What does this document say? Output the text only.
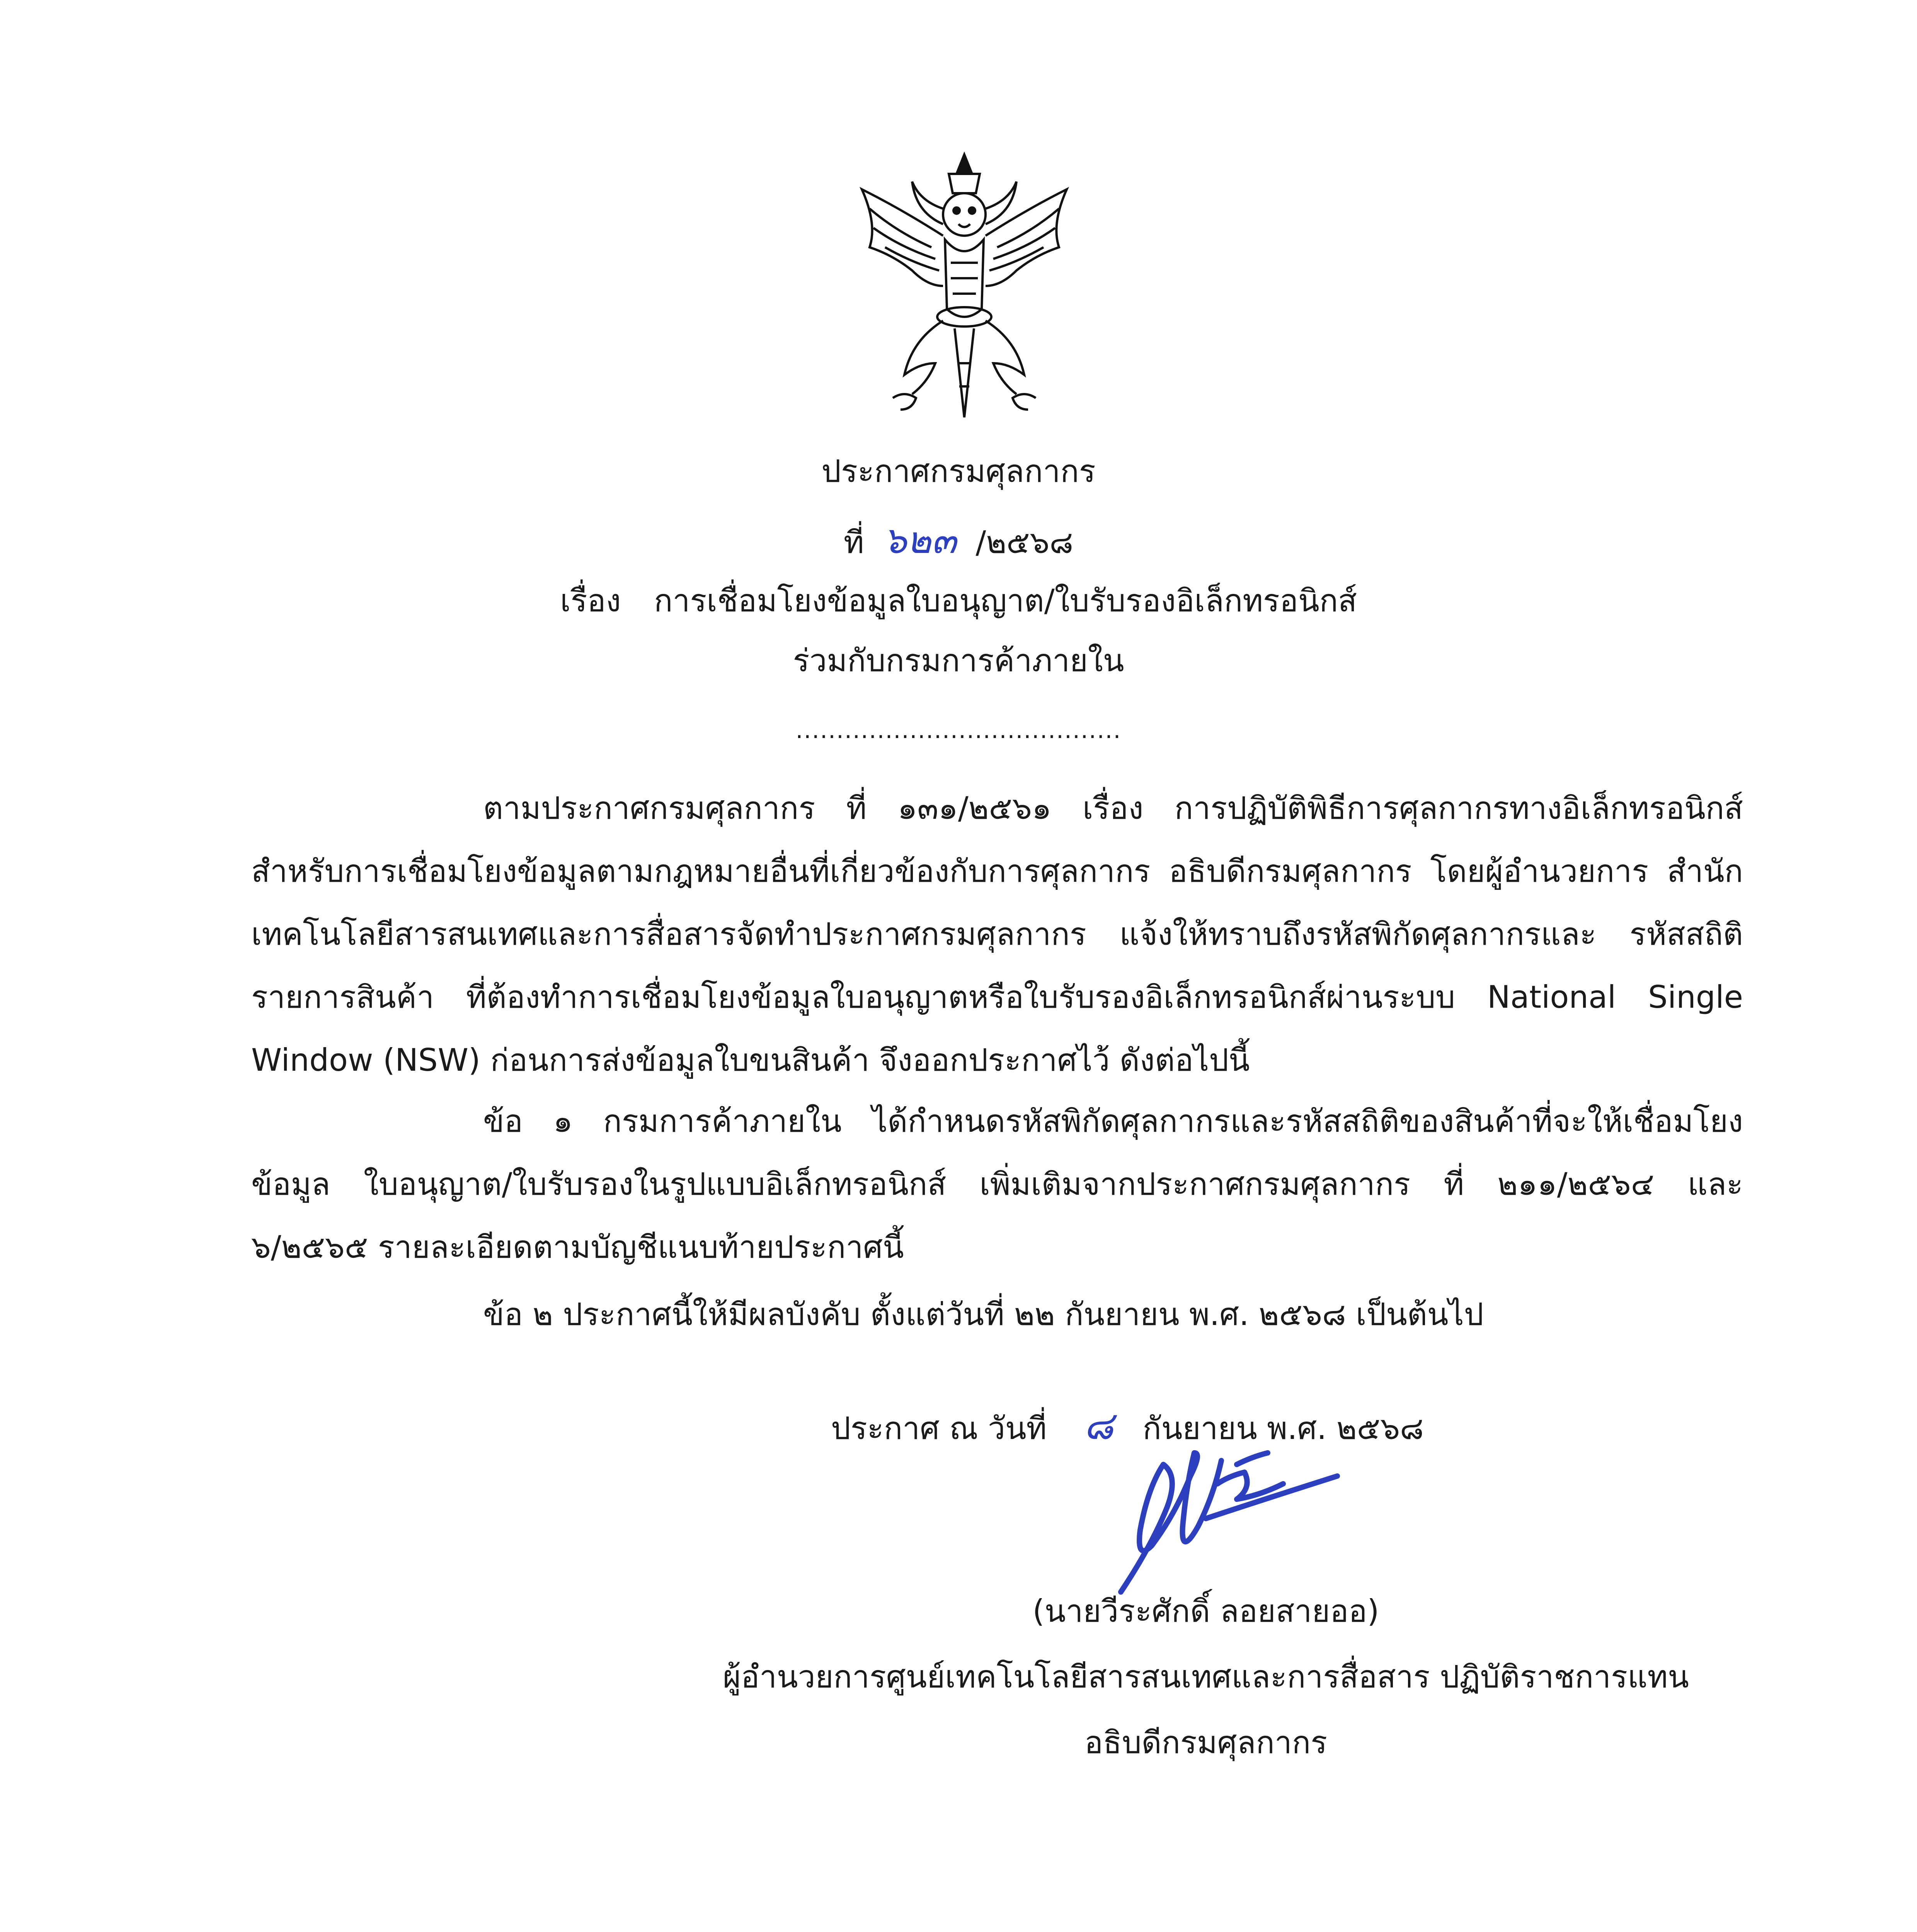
ประกาศกรมศุลกากร
ที่ ๖๒๓ /๒๕๖๘
เรื่อง การเชื่อมโยงข้อมูลใบอนุญาต/ใบรับรองอิเล็กทรอนิกส์
ร่วมกับกรมการค้าภายใน
........................................
ตามประกาศกรมศุลกากร ที่ ๑๓๑/๒๕๖๑ เรื่อง การปฏิบัติพิธีการศุลกากรทางอิเล็กทรอนิกส์ สำหรับการเชื่อมโยงข้อมูลตามกฎหมายอื่นที่เกี่ยวข้องกับการศุลกากร อธิบดีกรมศุลกากร โดยผู้อำนวยการ สำนักเทคโนโลยีสารสนเทศและการสื่อสารจัดทำประกาศกรมศุลกากร แจ้งให้ทราบถึงรหัสพิกัดศุลกากรและ รหัสสถิติ รายการสินค้า ที่ต้องทำการเชื่อมโยงข้อมูลใบอนุญาตหรือใบรับรองอิเล็กทรอนิกส์ผ่านระบบ National Single Window (NSW) ก่อนการส่งข้อมูลใบขนสินค้า จึงออกประกาศไว้ ดังต่อไปนี้
ข้อ ๑ กรมการค้าภายใน ได้กำหนดรหัสพิกัดศุลกากรและรหัสสถิติของสินค้าที่จะให้เชื่อมโยงข้อมูล ใบอนุญาต/ใบรับรองในรูปแบบอิเล็กทรอนิกส์ เพิ่มเติมจากประกาศกรมศุลกากร ที่ ๒๑๑/๒๕๖๔ และ ๖/๒๕๖๕ รายละเอียดตามบัญชีแนบท้ายประกาศนี้
ข้อ ๒ ประกาศนี้ให้มีผลบังคับ ตั้งแต่วันที่ ๒๒ กันยายน พ.ศ. ๒๕๖๘ เป็นต้นไป
ประกาศ ณ วันที่ ๘ กันยายน พ.ศ. ๒๕๖๘
(นายวีระศักดิ์ ลอยสายออ)
ผู้อำนวยการศูนย์เทคโนโลยีสารสนเทศและการสื่อสาร ปฏิบัติราชการแทน
อธิบดีกรมศุลกากร
